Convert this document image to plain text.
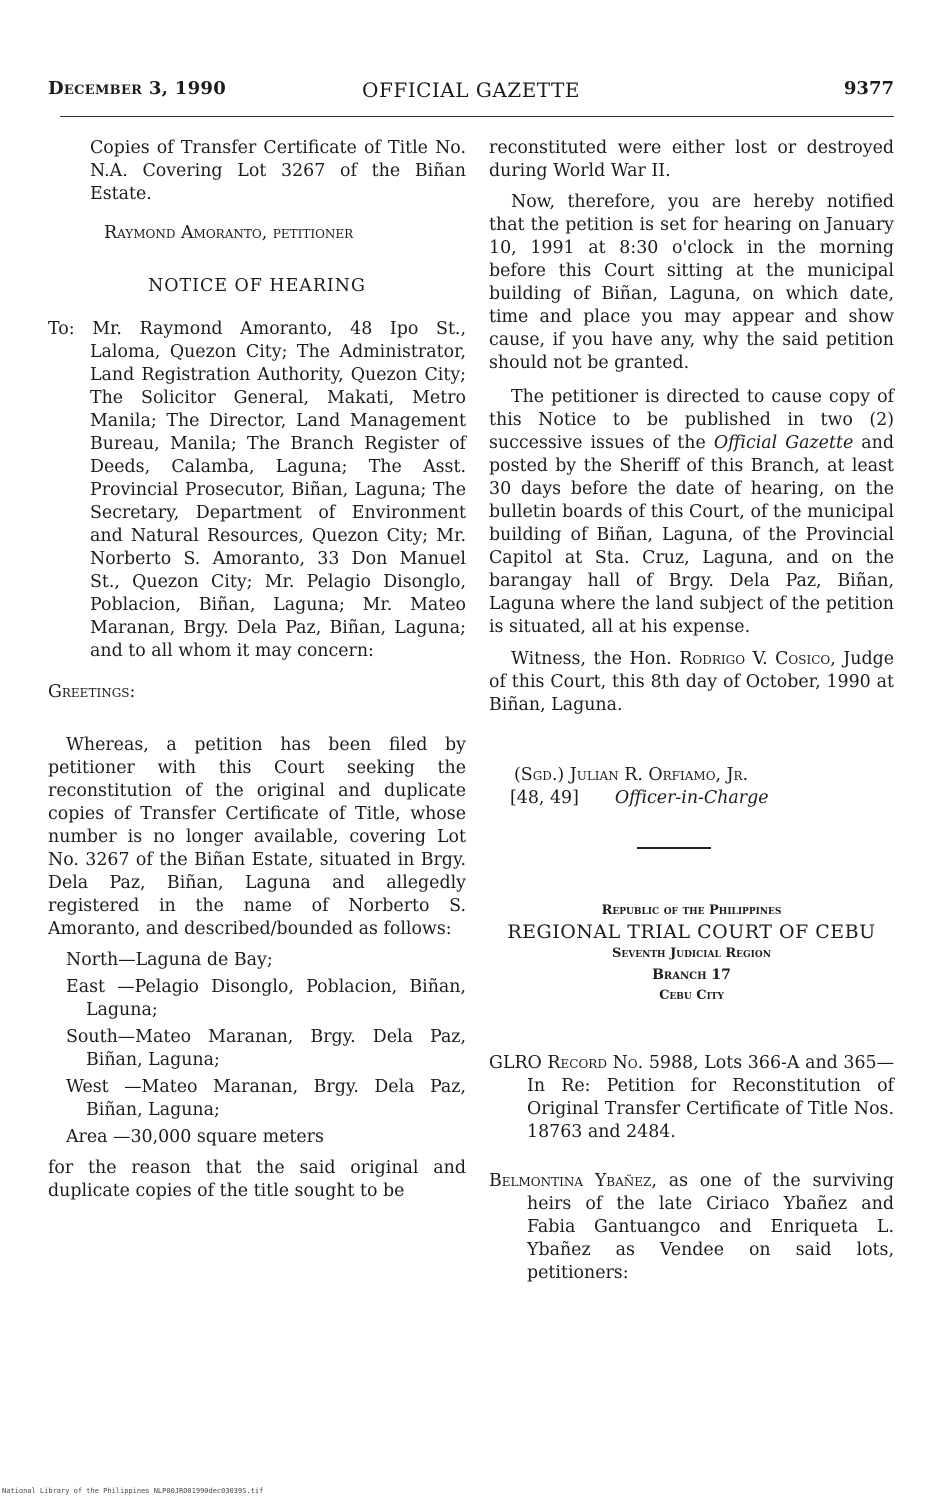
December 3, 1990	OFFICIAL GAZETTE	9377

Copies of Transfer Certificate of Title No. N.A. Covering Lot 3267 of the Biñan Estate.

Raymond Amoranto, petitioner

NOTICE OF HEARING

To: Mr. Raymond Amoranto, 48 Ipo St., Laloma, Quezon City; The Administrator, Land Registration Authority, Quezon City; The Solicitor General, Makati, Metro Manila; The Director, Land Management Bureau, Manila; The Branch Register of Deeds, Calamba, Laguna; The Asst. Provincial Prosecutor, Biñan, Laguna; The Secretary, Department of Environment and Natural Resources, Quezon City; Mr. Norberto S. Amoranto, 33 Don Manuel St., Quezon City; Mr. Pelagio Disonglo, Poblacion, Biñan, Laguna; Mr. Mateo Maranan, Brgy. Dela Paz, Biñan, Laguna; and to all whom it may concern:

Greetings:

Whereas, a petition has been filed by petitioner with this Court seeking the reconstitution of the original and duplicate copies of Transfer Certificate of Title, whose number is no longer available, covering Lot No. 3267 of the Biñan Estate, situated in Brgy. Dela Paz, Biñan, Laguna and allegedly registered in the name of Norberto S. Amoranto, and described/bounded as follows:

North—Laguna de Bay;

East —Pelagio Disonglo, Poblacion, Biñan, Laguna;

South—Mateo Maranan, Brgy. Dela Paz, Biñan, Laguna;

West —Mateo Maranan, Brgy. Dela Paz, Biñan, Laguna;

Area —30,000 square meters

for the reason that the said original and duplicate copies of the title sought to be

reconstituted were either lost or destroyed during World War II.

Now, therefore, you are hereby notified that the petition is set for hearing on January 10, 1991 at 8:30 o'clock in the morning before this Court sitting at the municipal building of Biñan, Laguna, on which date, time and place you may appear and show cause, if you have any, why the said petition should not be granted.

The petitioner is directed to cause copy of this Notice to be published in two (2) successive issues of the Official Gazette and posted by the Sheriff of this Branch, at least 30 days before the date of hearing, on the bulletin boards of this Court, of the municipal building of Biñan, Laguna, of the Provincial Capitol at Sta. Cruz, Laguna, and on the barangay hall of Brgy. Dela Paz, Biñan, Laguna where the land subject of the petition is situated, all at his expense.

Witness, the Hon. Rodrigo V. Cosico, Judge of this Court, this 8th day of October, 1990 at Biñan, Laguna.

(Sgd.) Julian R. Orfiamo, Jr.

[48, 49] Officer-in-Charge

Republic of the Philippines

REGIONAL TRIAL COURT OF CEBU

Seventh Judicial Region

Branch 17

Cebu City

GLRO Record No. 5988, Lots 366-A and 365—In Re: Petition for Reconstitution of Original Transfer Certificate of Title Nos. 18763 and 2484.

Belmontina Ybañez, as one of the surviving heirs of the late Ciriaco Ybañez and Fabia Gantuangco and Enriqueta L. Ybañez as Vendee on said lots, petitioners:

National Library of the Philippines NLP00JRO01990dec03039S.tif
